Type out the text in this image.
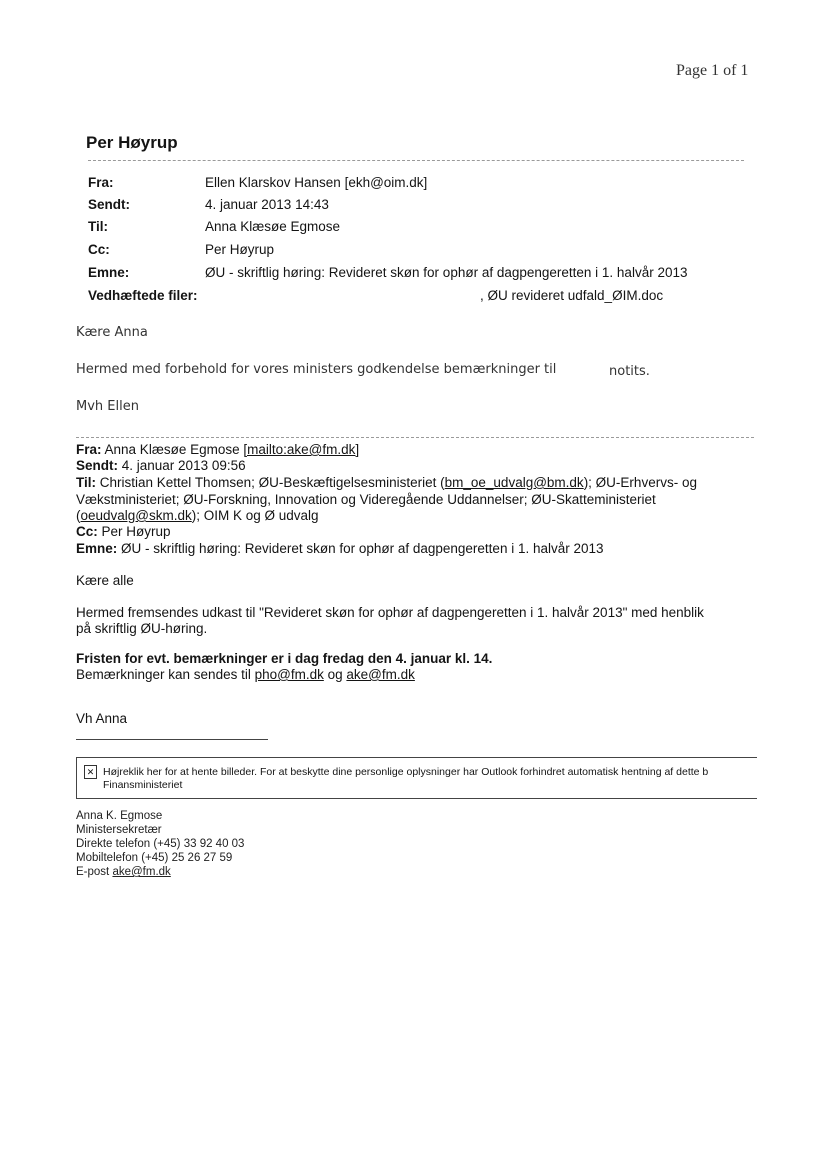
Page 1 of 1
Per Høyrup
Fra:	Ellen Klarskov Hansen [ekh@oim.dk]
Sendt:	4. januar 2013 14:43
Til:	Anna Klæsøe Egmose
Cc:	Per Høyrup
Emne:	ØU - skriftlig høring: Revideret skøn for ophør af dagpengeretten i 1. halvår 2013
Vedhæftede filer:	, ØU revideret udfald_ØIM.doc
Kære Anna
Hermed med forbehold for vores ministers godkendelse bemærkninger til	notits.
Mvh Ellen
Fra: Anna Klæsøe Egmose [mailto:ake@fm.dk]
Sendt: 4. januar 2013 09:56
Til: Christian Kettel Thomsen; ØU-Beskæftigelsesministeriet (bm_oe_udvalg@bm.dk); ØU-Erhvervs- og
Vækstministeriet; ØU-Forskning, Innovation og Videregående Uddannelser; ØU-Skatteministeriet
(oeudvalg@skm.dk); OIM K og Ø udvalg
Cc: Per Høyrup
Emne: ØU - skriftlig høring: Revideret skøn for ophør af dagpengeretten i 1. halvår 2013
Kære alle
Hermed fremsendes udkast til "Revideret skøn for ophør af dagpengeretten i 1. halvår 2013" med henblik
på skriftlig ØU-høring.
Fristen for evt. bemærkninger er i dag fredag den 4. januar kl. 14.
Bemærkninger kan sendes til pho@fm.dk og ake@fm.dk
Vh Anna
✕ Højreklik her for at hente billeder. For at beskytte dine personlige oplysninger har Outlook forhindret automatisk hentning af dette b
Finansministeriet
Anna K. Egmose
Ministersekretær
Direkte telefon (+45) 33 92 40 03
Mobiltelefon (+45) 25 26 27 59
E-post ake@fm.dk
